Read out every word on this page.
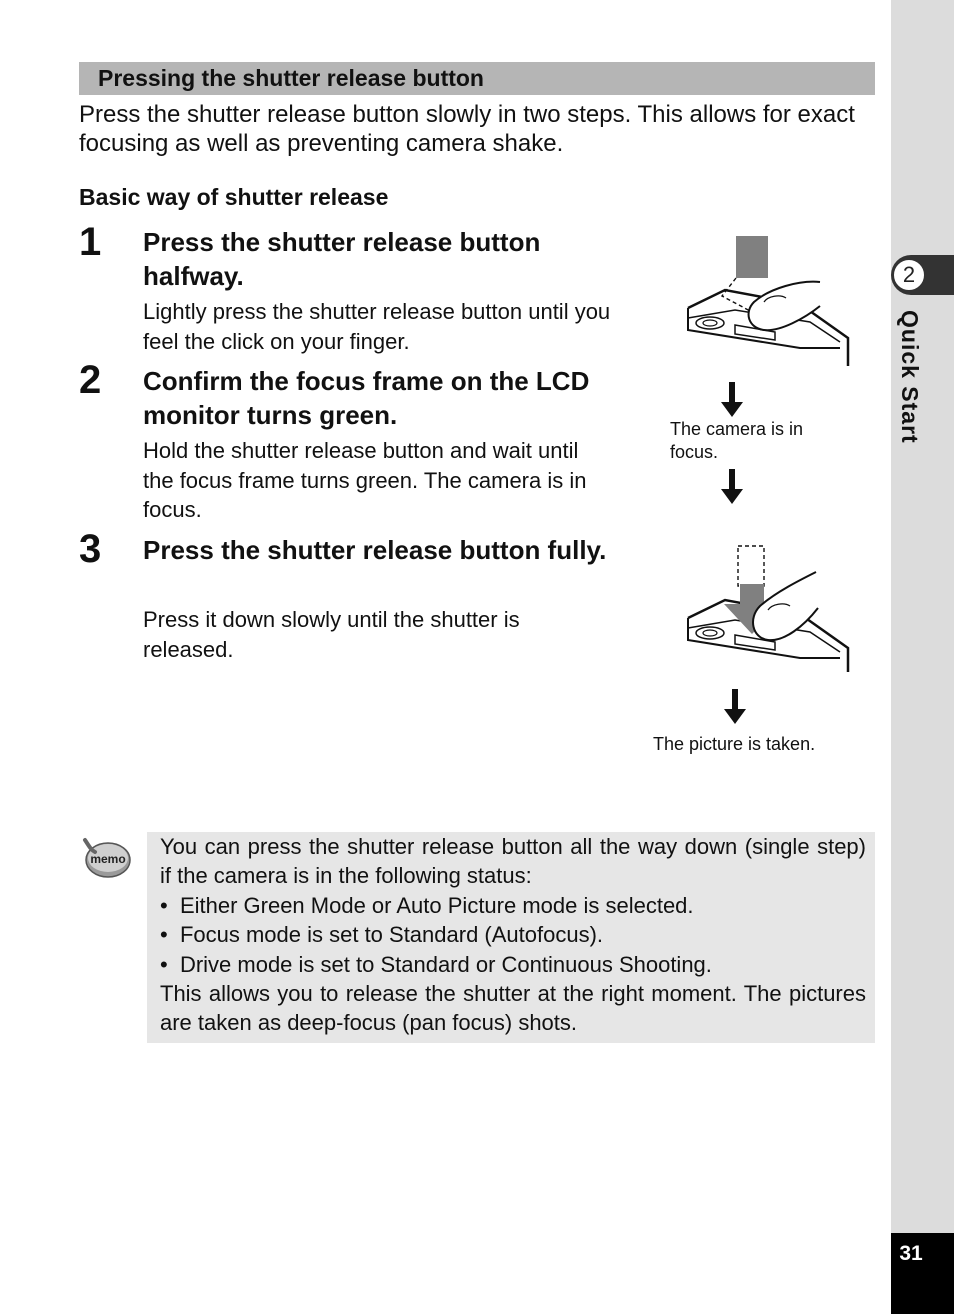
2
Quick Start
31
Pressing the shutter release button
Press the shutter release button slowly in two steps. This allows for exact focusing as well as preventing camera shake.
Basic way of shutter release
1 Press the shutter release button halfway.
Lightly press the shutter release button until you feel the click on your finger.
2 Confirm the focus frame on the LCD monitor turns green.
Hold the shutter release button and wait until the focus frame turns green. The camera is in focus.
3 Press the shutter release button fully.
Press it down slowly until the shutter is released.
The camera is in focus.
The picture is taken.
memo You can press the shutter release button all the way down (single step) if the camera is in the following status:

•  Either Green Mode or Auto Picture mode is selected.

•  Focus mode is set to Standard (Autofocus).

•  Drive mode is set to Standard or Continuous Shooting.

This allows you to release the shutter at the right moment. The pictures are taken as deep-focus (pan focus) shots.
